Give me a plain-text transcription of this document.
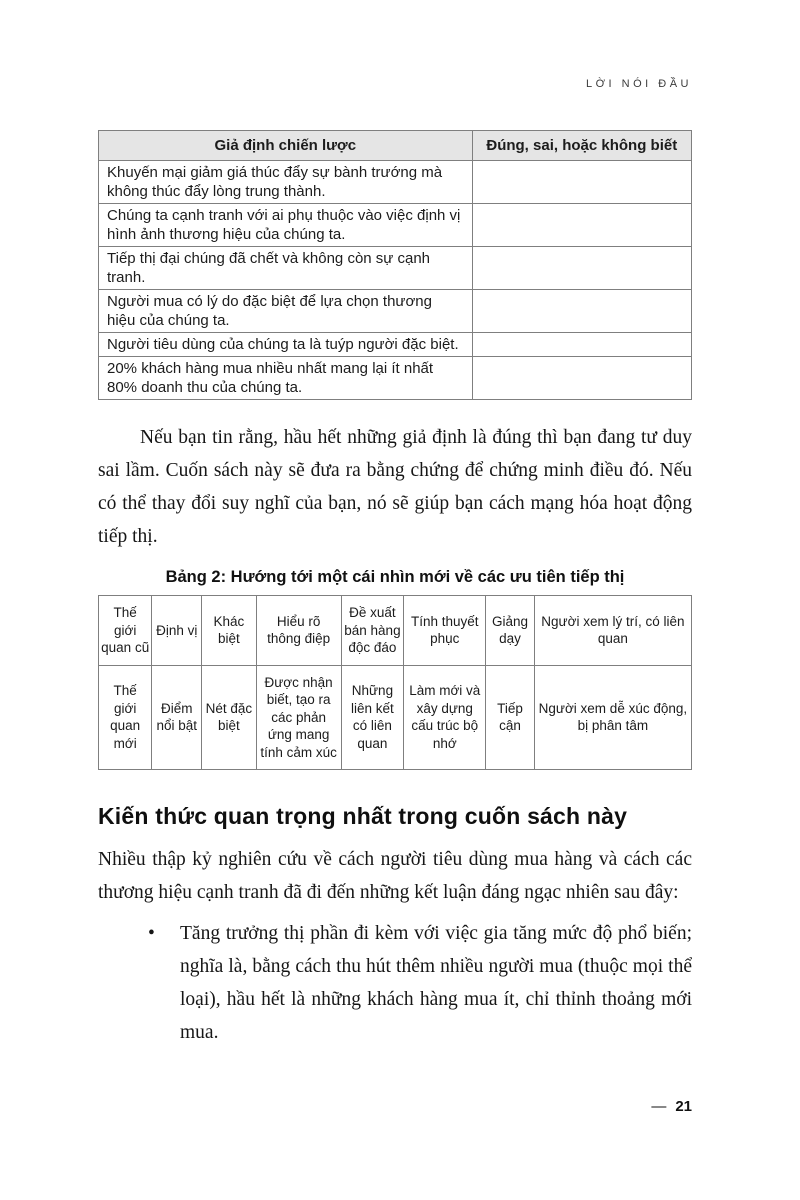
LỜI NÓI ĐẦU
Giả định chiến lược	Đúng, sai, hoặc không biết
Khuyến mại giảm giá thúc đẩy sự bành trướng mà không thúc đẩy lòng trung thành.	
Chúng ta cạnh tranh với ai phụ thuộc vào việc định vị hình ảnh thương hiệu của chúng ta.	
Tiếp thị đại chúng đã chết và không còn sự cạnh tranh.	
Người mua có lý do đặc biệt để lựa chọn thương hiệu của chúng ta.	
Người tiêu dùng của chúng ta là tuýp người đặc biệt.	
20% khách hàng mua nhiều nhất mang lại ít nhất 80% doanh thu của chúng ta.	

Nếu bạn tin rằng, hầu hết những giả định là đúng thì bạn đang tư duy sai lầm. Cuốn sách này sẽ đưa ra bằng chứng để chứng minh điều đó. Nếu có thể thay đổi suy nghĩ của bạn, nó sẽ giúp bạn cách mạng hóa hoạt động tiếp thị.

Bảng 2: Hướng tới một cái nhìn mới về các ưu tiên tiếp thị
Thế giới quan cũ	Định vị	Khác biệt	Hiểu rõ thông điệp	Đề xuất bán hàng độc đáo	Tính thuyết phục	Giảng dạy	Người xem lý trí, có liên quan
Thế giới quan mới	Điểm nổi bật	Nét đặc biệt	Được nhận biết, tạo ra các phản ứng mang tính cảm xúc	Những liên kết có liên quan	Làm mới và xây dựng cấu trúc bộ nhớ	Tiếp cận	Người xem dễ xúc động, bị phân tâm
Kiến thức quan trọng nhất trong cuốn sách này

Nhiều thập kỷ nghiên cứu về cách người tiêu dùng mua hàng và cách các thương hiệu cạnh tranh đã đi đến những kết luận đáng ngạc nhiên sau đây:

•	Tăng trưởng thị phần đi kèm với việc gia tăng mức độ phổ biến; nghĩa là, bằng cách thu hút thêm nhiều người mua (thuộc mọi thể loại), hầu hết là những khách hàng mua ít, chỉ thỉnh thoảng mới mua.
— 21
